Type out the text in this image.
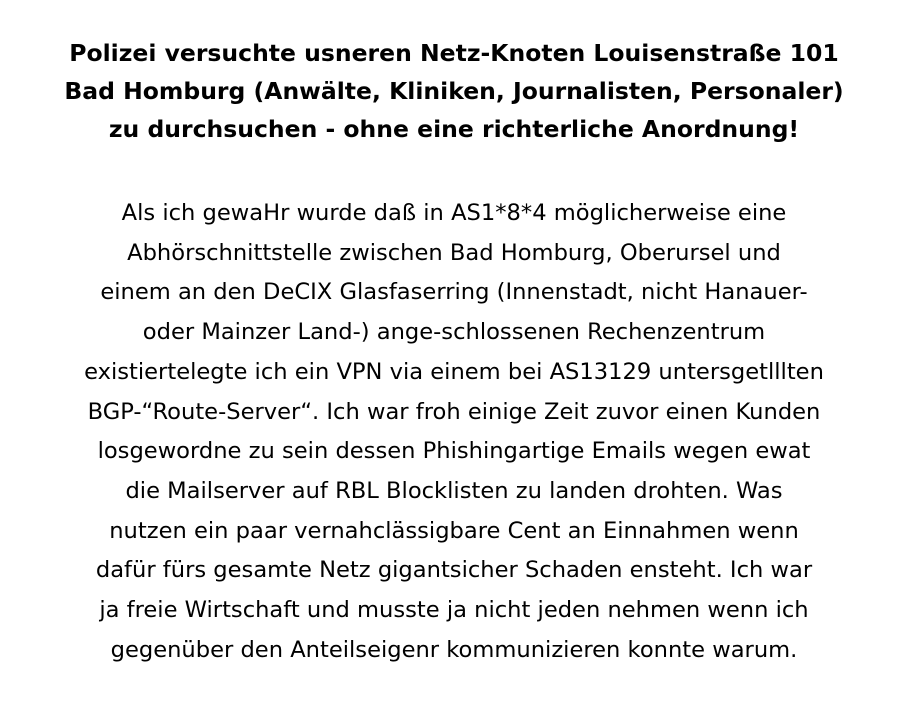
Polizei versuchte usneren Netz-Knoten Louisenstraße 101
Bad Homburg (Anwälte, Kliniken, Journalisten, Personaler)
zu durchsuchen - ohne eine richterliche Anordnung!
Als ich gewaHr wurde daß in AS1*8*4 möglicherweise eine
Abhörschnittstelle zwischen Bad Homburg, Oberursel und
einem an den DeCIX Glasfaserring (Innenstadt, nicht Hanauer-
oder Mainzer Land-) ange-schlossenen Rechenzentrum
existiertelegte ich ein VPN via einem bei AS13129 untersgetlllten
BGP-“Route-Server“. Ich war froh einige Zeit zuvor einen Kunden
losgewordne zu sein dessen Phishingartige Emails wegen ewat
die Mailserver auf RBL Blocklisten zu landen drohten. Was
nutzen ein paar vernahclässigbare Cent an Einnahmen wenn
dafür fürs gesamte Netz gigantsicher Schaden ensteht. Ich war
ja freie Wirtschaft und musste ja nicht jeden nehmen wenn ich
gegenüber den Anteilseigenr kommunizieren konnte warum.
